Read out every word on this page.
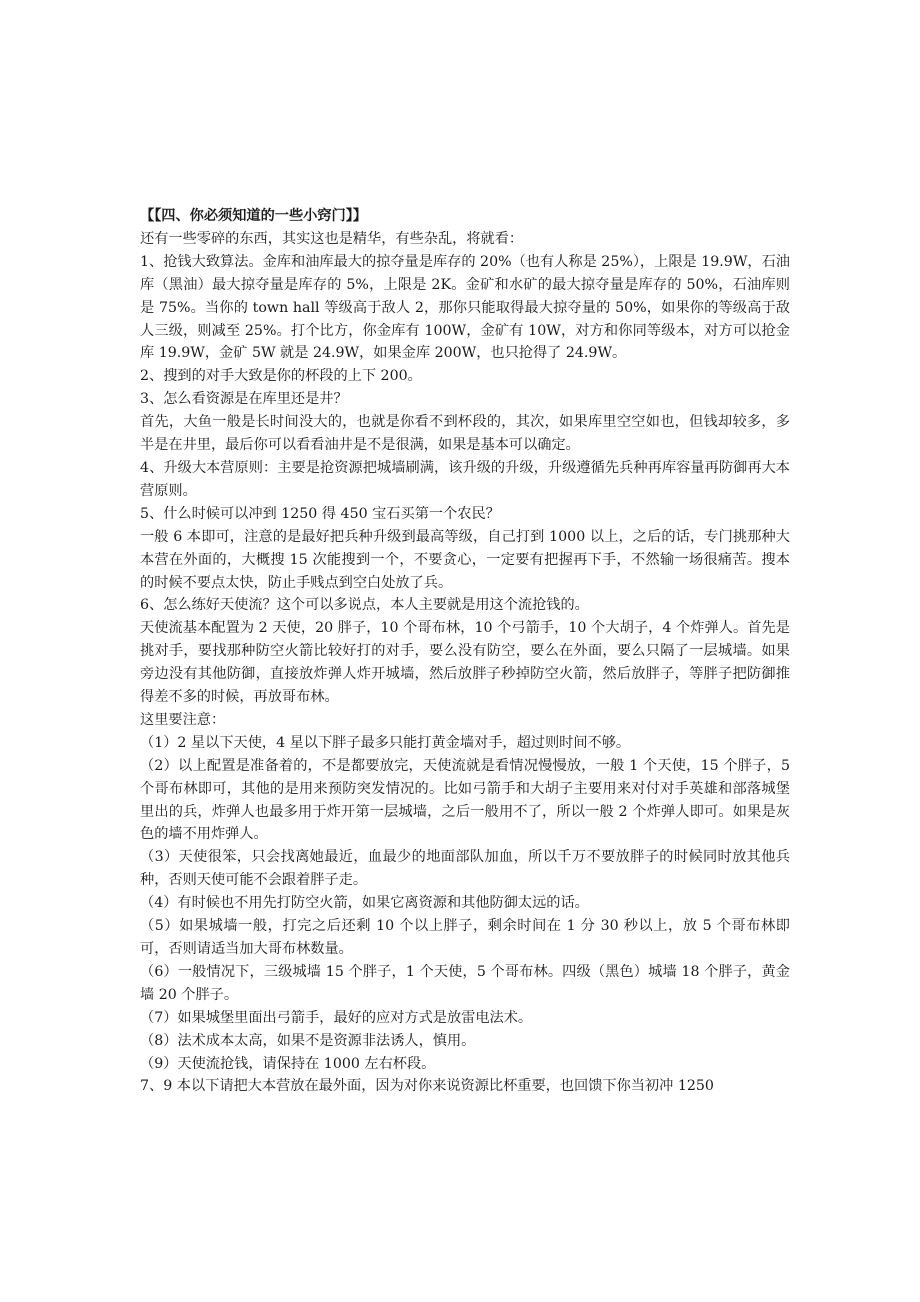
【【四、你必须知道的一些小窍门】】

还有一些零碎的东西，其实这也是精华，有些杂乱，将就看：

1、抢钱大致算法。金库和油库最大的掠夺量是库存的 20%（也有人称是 25%），上限是 19.9W，石油库（黑油）最大掠夺量是库存的 5%，上限是 2K。金矿和水矿的最大掠夺量是库存的 50%，石油库则是 75%。当你的 town hall 等级高于敌人 2，那你只能取得最大掠夺量的 50%，如果你的等级高于敌人三级，则减至 25%。打个比方，你金库有 100W，金矿有 10W，对方和你同等级本，对方可以抢金库 19.9W，金矿 5W 就是 24.9W，如果金库 200W，也只抢得了 24.9W。

2、搜到的对手大致是你的杯段的上下 200。

3、怎么看资源是在库里还是井？

首先，大鱼一般是长时间没大的，也就是你看不到杯段的，其次，如果库里空空如也，但钱却较多，多半是在井里，最后你可以看看油井是不是很满，如果是基本可以确定。

4、升级大本营原则：主要是抢资源把城墙刷满，该升级的升级，升级遵循先兵种再库容量再防御再大本营原则。

5、什么时候可以冲到 1250 得 450 宝石买第一个农民？

一般 6 本即可，注意的是最好把兵种升级到最高等级，自己打到 1000 以上，之后的话，专门挑那种大本营在外面的，大概搜 15 次能搜到一个，不要贪心，一定要有把握再下手，不然输一场很痛苦。搜本的时候不要点太快，防止手贱点到空白处放了兵。

6、怎么练好天使流？这个可以多说点，本人主要就是用这个流抢钱的。

天使流基本配置为 2 天使，20 胖子，10 个哥布林，10 个弓箭手，10 个大胡子，4 个炸弹人。首先是挑对手，要找那种防空火箭比较好打的对手，要么没有防空，要么在外面，要么只隔了一层城墙。如果旁边没有其他防御，直接放炸弹人炸开城墙，然后放胖子秒掉防空火箭，然后放胖子，等胖子把防御推得差不多的时候，再放哥布林。

这里要注意：

（1）2 星以下天使，4 星以下胖子最多只能打黄金墙对手，超过则时间不够。

（2）以上配置是准备着的，不是都要放完，天使流就是看情况慢慢放，一般 1 个天使，15 个胖子，5 个哥布林即可，其他的是用来预防突发情况的。比如弓箭手和大胡子主要用来对付对手英雄和部落城堡里出的兵，炸弹人也最多用于炸开第一层城墙，之后一般用不了，所以一般 2 个炸弹人即可。如果是灰色的墙不用炸弹人。

（3）天使很笨，只会找离她最近，血最少的地面部队加血，所以千万不要放胖子的时候同时放其他兵种，否则天使可能不会跟着胖子走。

（4）有时候也不用先打防空火箭，如果它离资源和其他防御太远的话。

（5）如果城墙一般，打完之后还剩 10 个以上胖子，剩余时间在 1 分 30 秒以上，放 5 个哥布林即可，否则请适当加大哥布林数量。

（6）一般情况下，三级城墙 15 个胖子，1 个天使，5 个哥布林。四级（黑色）城墙 18 个胖子，黄金墙 20 个胖子。

（7）如果城堡里面出弓箭手，最好的应对方式是放雷电法术。

（8）法术成本太高，如果不是资源非法诱人，慎用。

（9）天使流抢钱，请保持在 1000 左右杯段。

7、9 本以下请把大本营放在最外面，因为对你来说资源比杯重要，也回馈下你当初冲 1250
